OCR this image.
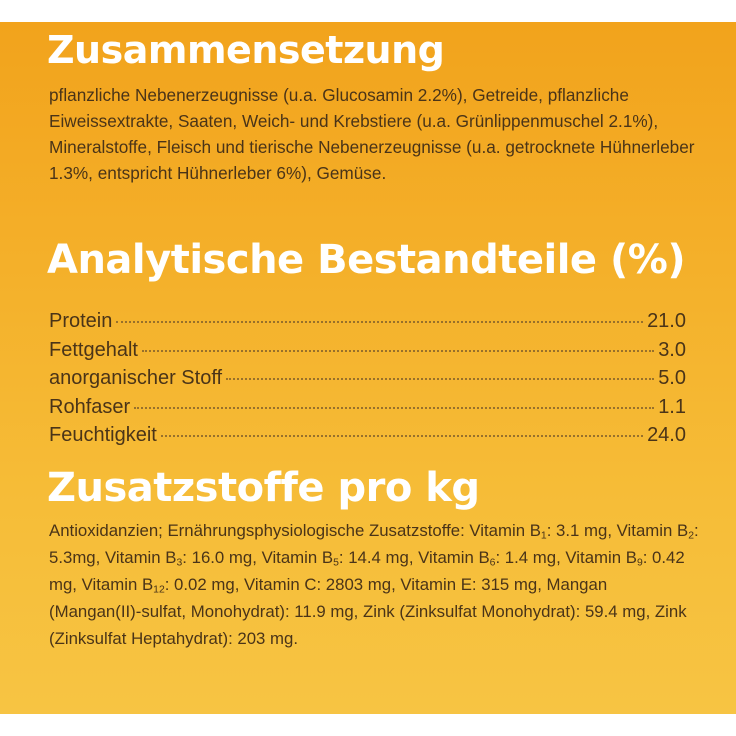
Zusammensetzung

pflanzliche Nebenerzeugnisse (u.a. Glucosamin 2.2%), Getreide, pflanzliche Eiweissextrakte, Saaten, Weich- und Krebstiere (u.a. Grünlippenmuschel 2.1%), Mineralstoffe, Fleisch und tierische Nebenerzeugnisse (u.a. getrocknete Hühnerleber 1.3%, entspricht Hühnerleber 6%), Gemüse.

Analytische Bestandteile (%)
Protein	21.0
Fettgehalt	3.0
anorganischer Stoff	5.0
Rohfaser	1.1
Feuchtigkeit	24.0
Zusatzstoffe pro kg

Antioxidanzien; Ernährungsphysiologische Zusatzstoffe: Vitamin $B_1$: 3.1 mg, Vitamin $B_2$: 5.3mg, Vitamin $B_3$: 16.0 mg, Vitamin $B_5$: 14.4 mg, Vitamin $B_6$: 1.4 mg, Vitamin $B_9$: 0.42 mg, Vitamin $B_{12}$: 0.02 mg, Vitamin C: 2803 mg, Vitamin E: 315 mg, Mangan (Mangan(II)-sulfat, Monohydrat): 11.9 mg, Zink (Zinksulfat Monohydrat): 59.4 mg, Zink (Zinksulfat Heptahydrat): 203 mg.
